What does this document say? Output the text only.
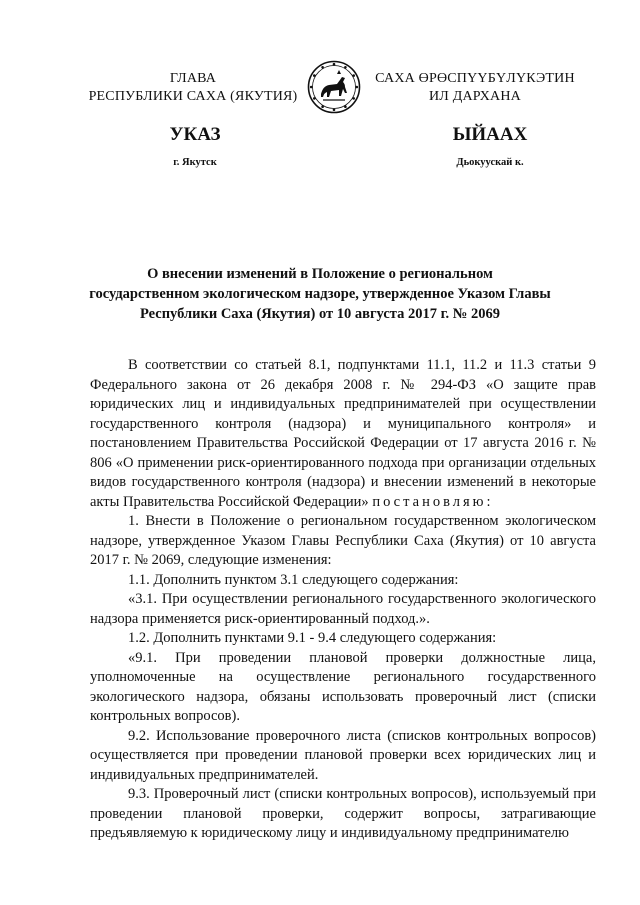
ГЛАВА
РЕСПУБЛИКИ САХА (ЯКУТИЯ)
САХА ӨРӨСПҮҮБҮЛҮКЭТИН
ИЛ ДАРХАНА
УКАЗ	ЫЙААХ
г. Якутск	Дьокуускай к.
О внесении изменений в Положение о региональном
государственном экологическом надзоре, утвержденное Указом Главы
Республики Саха (Якутия) от 10 августа 2017 г. № 2069

В соответствии со статьей 8.1, подпунктами 11.1, 11.2 и 11.3 статьи 9 Федерального закона от 26 декабря 2008 г. № 294-ФЗ «О защите прав юридических лиц и индивидуальных предпринимателей при осуществлении государственного контроля (надзора) и муниципального контроля» и постановлением Правительства Российской Федерации от 17 августа 2016 г. № 806 «О применении риск-ориентированного подхода при организации отдельных видов государственного контроля (надзора) и внесении изменений в некоторые акты Правительства Российской Федерации» постановляю:

1. Внести в Положение о региональном государственном экологическом надзоре, утвержденное Указом Главы Республики Саха (Якутия) от 10 августа 2017 г. № 2069, следующие изменения:

1.1. Дополнить пунктом 3.1 следующего содержания:

«3.1. При осуществлении регионального государственного экологического надзора применяется риск-ориентированный подход.».

1.2. Дополнить пунктами 9.1 - 9.4 следующего содержания:

«9.1. При проведении плановой проверки должностные лица, уполномоченные на осуществление регионального государственного экологического надзора, обязаны использовать проверочный лист (списки контрольных вопросов).

9.2. Использование проверочного листа (списков контрольных вопросов) осуществляется при проведении плановой проверки всех юридических лиц и индивидуальных предпринимателей.

9.3. Проверочный лист (списки контрольных вопросов), используемый при проведении плановой проверки, содержит вопросы, затрагивающие предъявляемую к юридическому лицу и индивидуальному предпринимателю
